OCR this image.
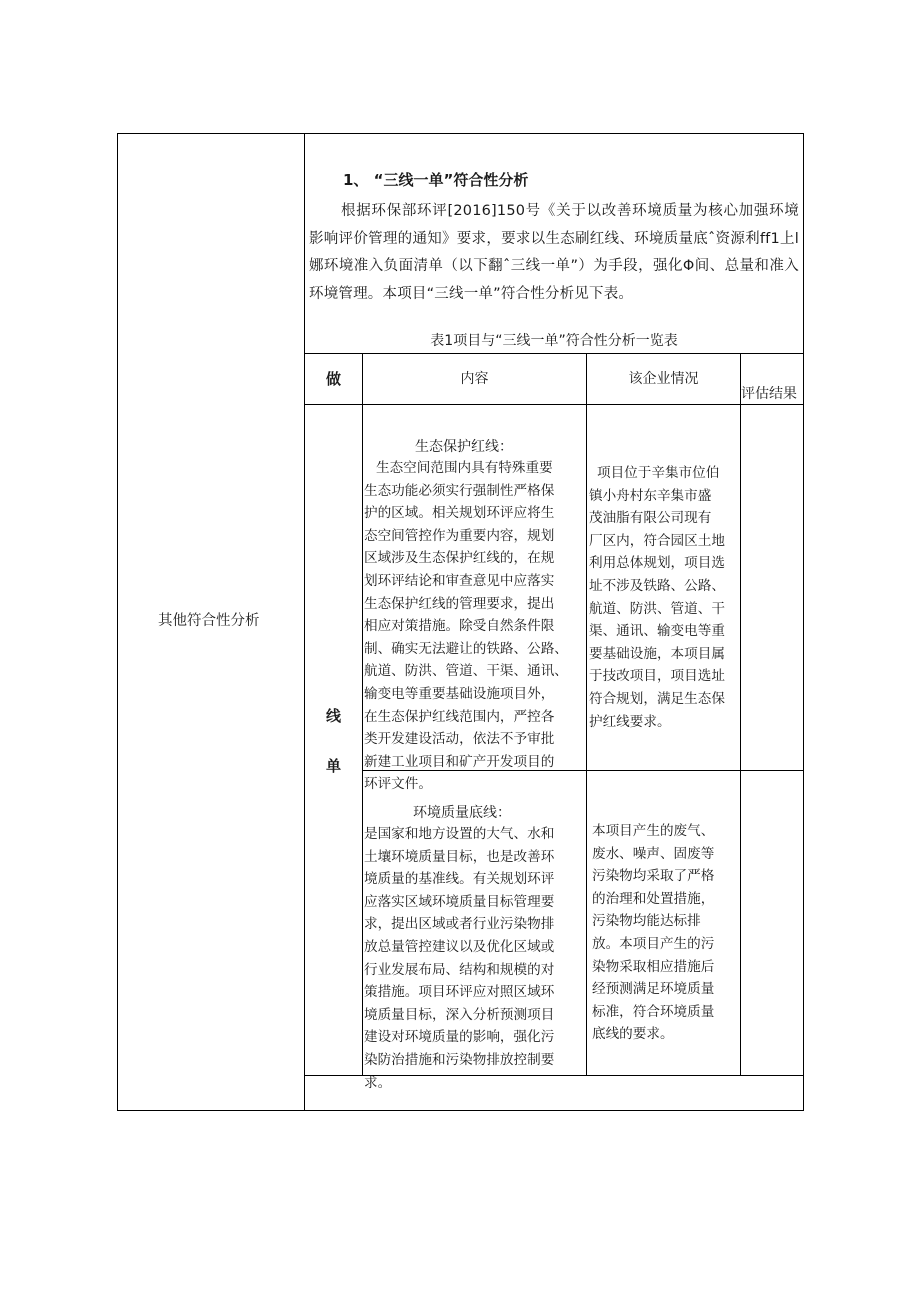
其他符合性分析
1、 “三线一单”符合性分析
根据环保部环评[2016]150号《关于以改善环境质量为核心加强环境影响评价管理的通知》要求，要求以生态刷红线、环境质量底ˆ资源利ff1上l娜环境准入负面清单（以下翻ˆ三线一单”）为手段，强化Φ间、总量和准入环境管理。本项目“三线一单”符合性分析见下表。
表1项目与“三线一单”符合性分析一览表
做	内容	该企业情况
评估结果
线
单
生态保护红线：
生态空间范围内具有特殊重要
生态功能必须实行强制性严格保
护的区域。相关规划环评应将生
态空间管控作为重要内容，规划
区域涉及生态保护红线的，在规
划环评结论和审查意见中应落实
生态保护红线的管理要求，提出
相应对策措施。除受自然条件限
制、确实无法避让的铁路、公路、
航道、防洪、管道、干渠、通讯、
输变电等重要基础设施项目外，
在生态保护红线范围内，严控各
类开发建设活动，依法不予审批
新建工业项目和矿产开发项目的
环评文件。
项目位于辛集市位伯
镇小舟村东辛集市盛
茂油脂有限公司现有
厂区内，符合园区土地
利用总体规划，项目选
址不涉及铁路、公路、
航道、防洪、管道、干
渠、通讯、输变电等重
要基础设施，本项目属
于技改项目，项目选址
符合规划，满足生态保
护红线要求。
环境质量底线：
是国家和地方设置的大气、水和
土壤环境质量目标，也是改善环
境质量的基准线。有关规划环评
应落实区域环境质量目标管理要
求，提出区域或者行业污染物排
放总量管控建议以及优化区域或
行业发展布局、结构和规模的对
策措施。项目环评应对照区域环
境质量目标，深入分析预测项目
建设对环境质量的影响，强化污
染防治措施和污染物排放控制要
求。
本项目产生的废气、
废水、噪声、固废等
污染物均采取了严格
的治理和处置措施，
污染物均能达标排
放。本项目产生的污
染物采取相应措施后
经预测满足环境质量
标准，符合环境质量
底线的要求。
